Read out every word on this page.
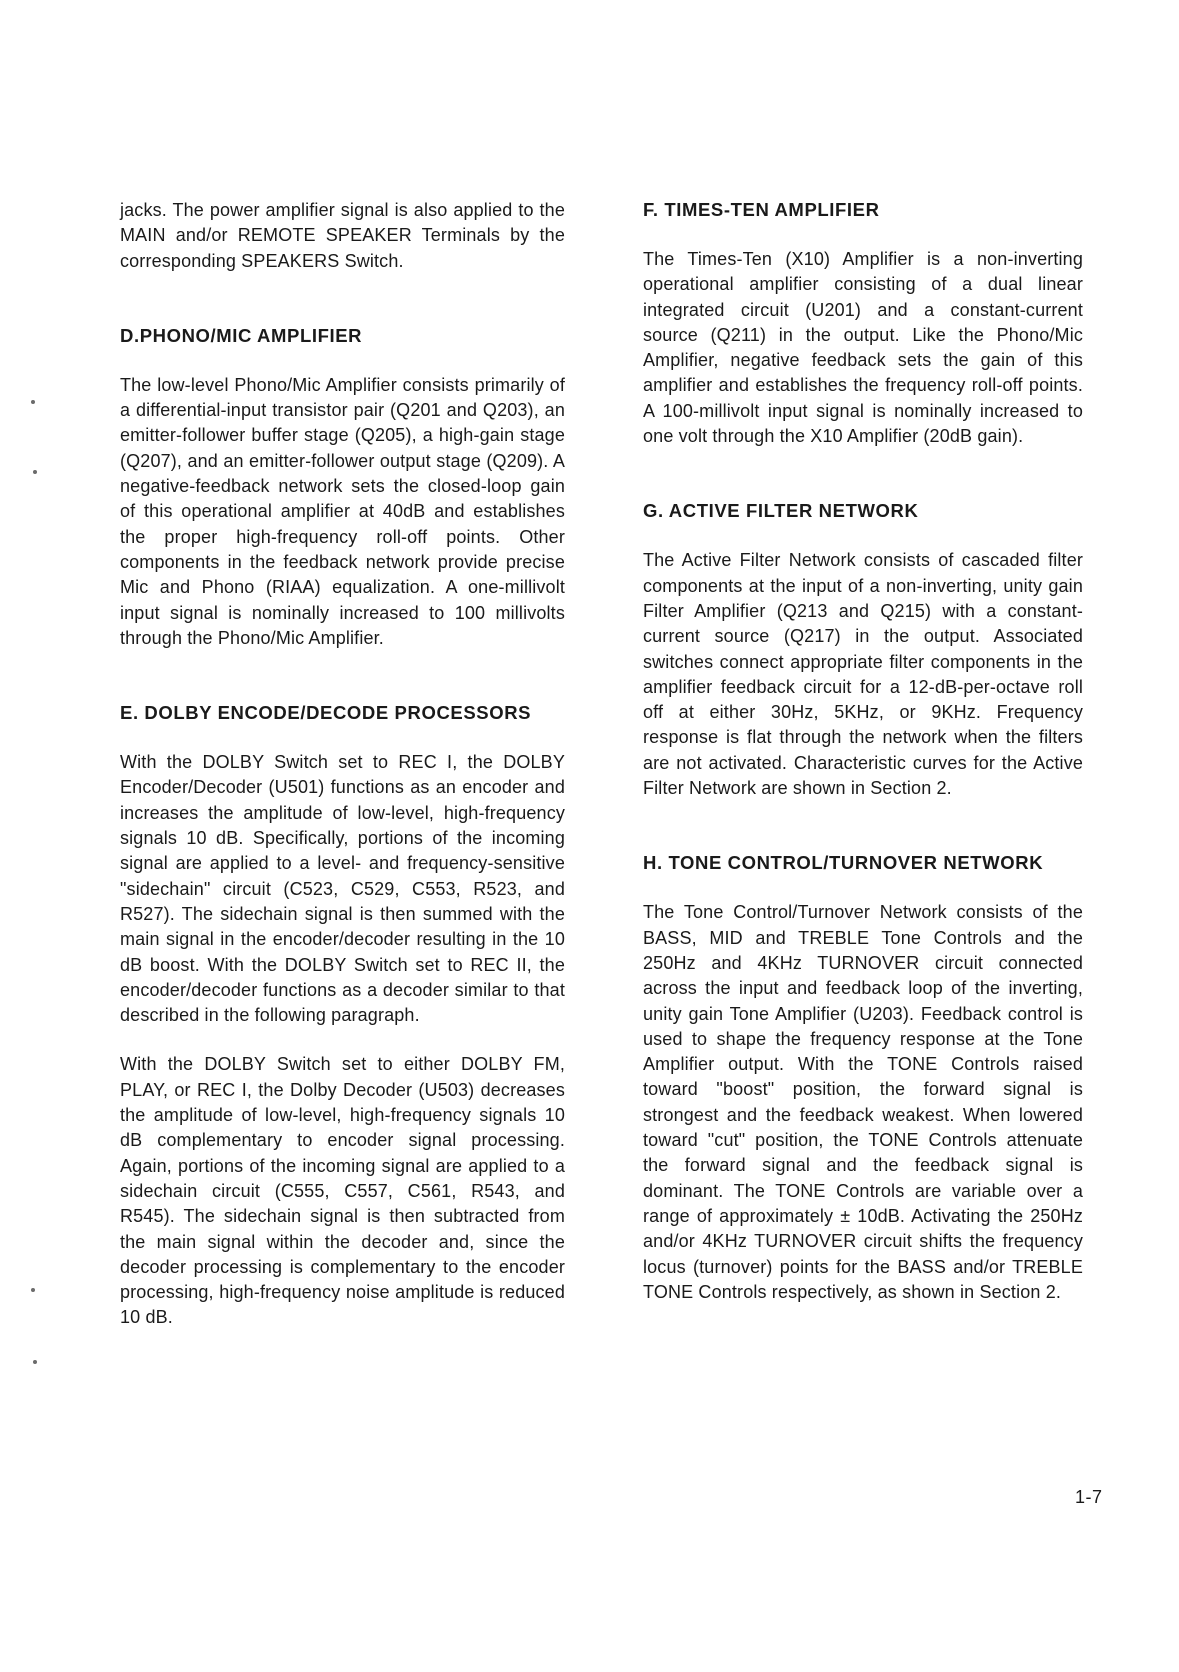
jacks. The power amplifier signal is also applied to the MAIN and/or REMOTE SPEAKER Terminals by the corresponding SPEAKERS Switch.

D.PHONO/MIC AMPLIFIER

The low-level Phono/Mic Amplifier consists primarily of a differential-input transistor pair (Q201 and Q203), an emitter-follower buffer stage (Q205), a high-gain stage (Q207), and an emitter-follower output stage (Q209). A negative-feedback network sets the closed-loop gain of this operational amplifier at 40dB and establishes the proper high-frequency roll-off points. Other components in the feedback network provide precise Mic and Phono (RIAA) equalization. A one-millivolt input signal is nominally increased to 100 millivolts through the Phono/Mic Amplifier.

E. DOLBY ENCODE/DECODE PROCESSORS

With the DOLBY Switch set to REC I, the DOLBY Encoder/Decoder (U501) functions as an encoder and increases the amplitude of low-level, high-frequency signals 10 dB. Specifically, portions of the incoming signal are applied to a level- and frequency-sensitive "sidechain" circuit (C523, C529, C553, R523, and R527). The sidechain signal is then summed with the main signal in the encoder/decoder resulting in the 10 dB boost. With the DOLBY Switch set to REC II, the encoder/decoder functions as a decoder similar to that described in the following paragraph.

With the DOLBY Switch set to either DOLBY FM, PLAY, or REC I, the Dolby Decoder (U503) decreases the amplitude of low-level, high-frequency signals 10 dB complementary to encoder signal processing. Again, portions of the incoming signal are applied to a sidechain circuit (C555, C557, C561, R543, and R545). The sidechain signal is then subtracted from the main signal within the decoder and, since the decoder processing is complementary to the encoder processing, high-frequency noise amplitude is reduced 10 dB.

F. TIMES-TEN AMPLIFIER

The Times-Ten (X10) Amplifier is a non-inverting operational amplifier consisting of a dual linear integrated circuit (U201) and a constant-current source (Q211) in the output. Like the Phono/Mic Amplifier, negative feedback sets the gain of this amplifier and establishes the frequency roll-off points. A 100-millivolt input signal is nominally increased to one volt through the X10 Amplifier (20dB gain).

G. ACTIVE FILTER NETWORK

The Active Filter Network consists of cascaded filter components at the input of a non-inverting, unity gain Filter Amplifier (Q213 and Q215) with a constant-current source (Q217) in the output. Associated switches connect appropriate filter components in the amplifier feedback circuit for a 12-dB-per-octave roll off at either 30Hz, 5KHz, or 9KHz. Frequency response is flat through the network when the filters are not activated. Characteristic curves for the Active Filter Network are shown in Section 2.

H. TONE CONTROL/TURNOVER NETWORK

The Tone Control/Turnover Network consists of the BASS, MID and TREBLE Tone Controls and the 250Hz and 4KHz TURNOVER circuit connected across the input and feedback loop of the inverting, unity gain Tone Amplifier (U203). Feedback control is used to shape the frequency response at the Tone Amplifier output. With the TONE Controls raised toward "boost" position, the forward signal is strongest and the feedback weakest. When lowered toward "cut" position, the TONE Controls attenuate the forward signal and the feedback signal is dominant. The TONE Controls are variable over a range of approximately ± 10dB. Activating the 250Hz and/or 4KHz TURNOVER circuit shifts the frequency locus (turnover) points for the BASS and/or TREBLE TONE Controls respectively, as shown in Section 2.

1-7
